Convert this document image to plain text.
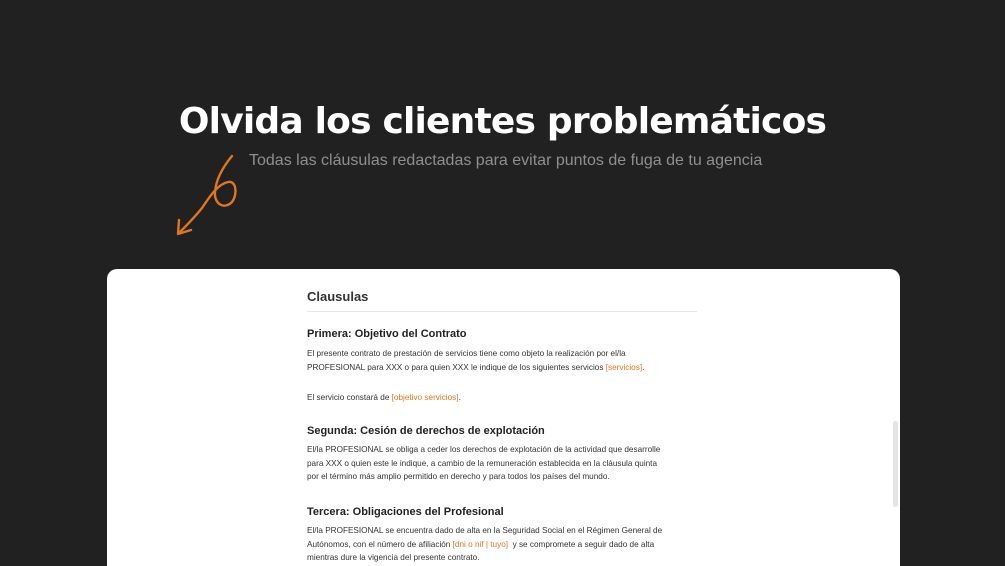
Olvida los clientes problemáticos

Todas las cláusulas redactadas para evitar puntos de fuga de tu agencia

Clausulas
Primera: Objetivo del Contrato

El presente contrato de prestación de servicios tiene como objeto la realización por el/la
PROFESIONAL para XXX o para quien XXX le indique de los siguientes servicios [servicios].

El servicio constará de [objetivo servicios].

Segunda: Cesión de derechos de explotación

El/la PROFESIONAL se obliga a ceder los derechos de explotación de la actividad que desarrolle
para XXX o quien este le indique, a cambio de la remuneración establecida en la cláusula quinta
por el término más amplio permitido en derecho y para todos los países del mundo.

Tercera: Obligaciones del Profesional

El/la PROFESIONAL se encuentra dado de alta en la Seguridad Social en el Régimen General de
Autónomos, con el número de afiliación [dni o nif | tuyo]  y se compromete a seguir dado de alta
mientras dure la vigencia del presente contrato.
